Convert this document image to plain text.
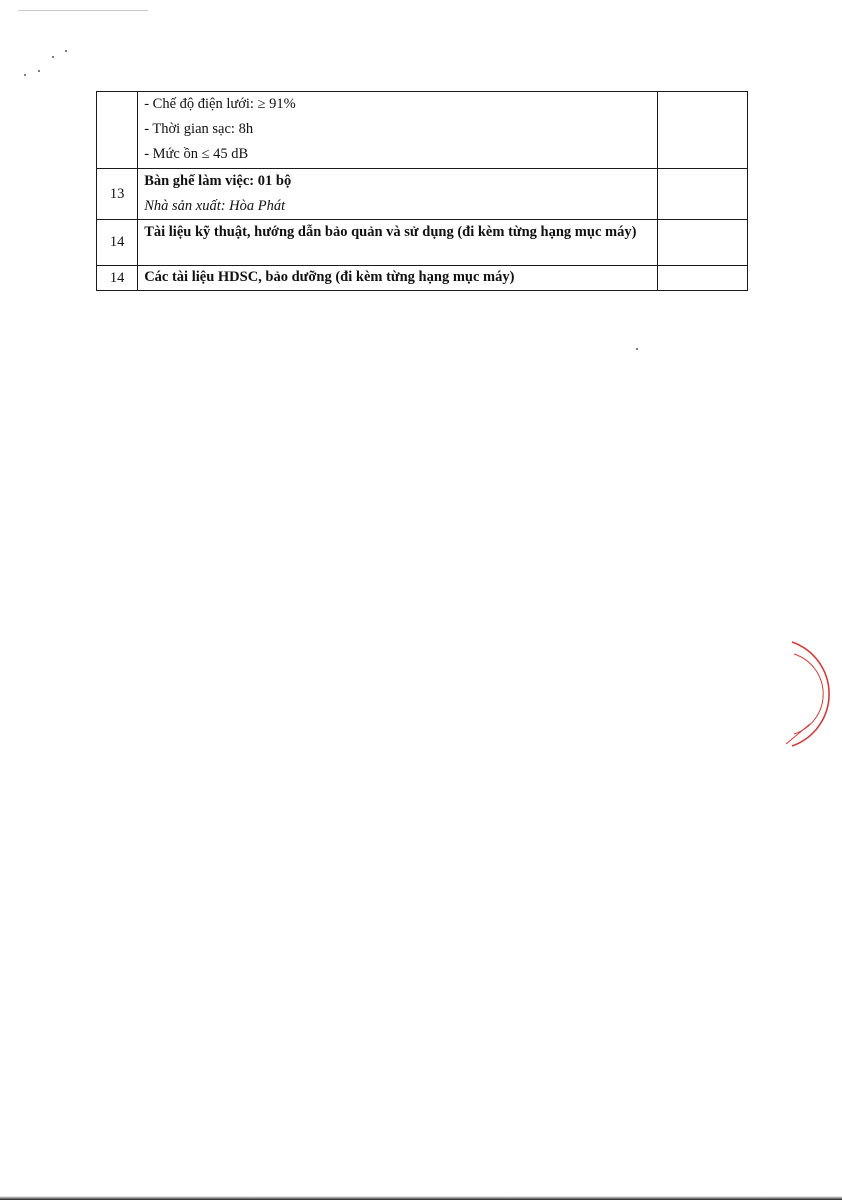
	- Chế độ điện lưới: ≥ 91%
- Thời gian sạc: 8h
- Mức ồn ≤ 45 dB	

13	Bàn ghế làm việc: 01 bộ
Nhà sản xuất: Hòa Phát	

14	Tài liệu kỹ thuật, hướng dẫn bảo quản và sử dụng (đi kèm từng hạng mục máy)	

14	Các tài liệu HDSC, bảo dưỡng (đi kèm từng hạng mục máy)	
